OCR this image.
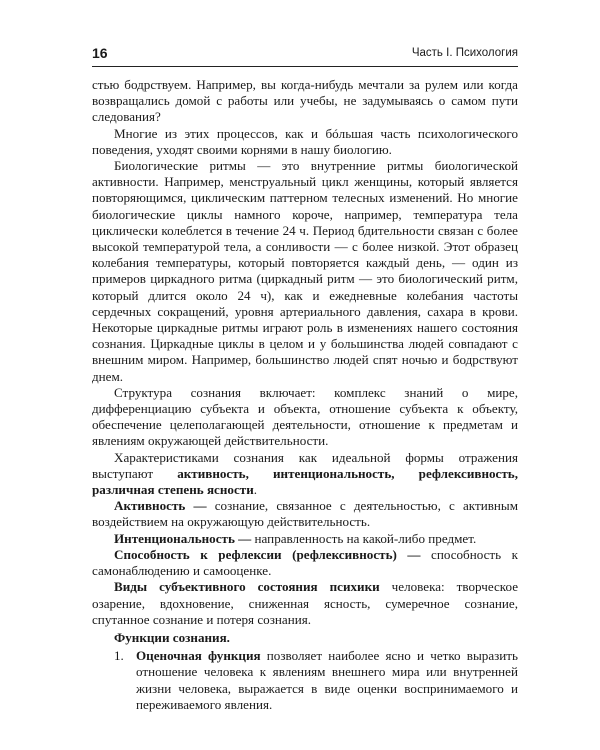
16	Часть I. Психология

стью бодрствуем. Например, вы когда-нибудь мечтали за рулем или когда возвращались домой с работы или учебы, не задумываясь о самом пути следования?

Многие из этих процессов, как и бóльшая часть психологического поведения, уходят своими корнями в нашу биологию.

Биологические ритмы — это внутренние ритмы биологической активности. Например, менструальный цикл женщины, который является повторяющимся, циклическим паттерном телесных изменений. Но многие биологические циклы намного короче, например, температура тела циклически колеблется в течение 24 ч. Период бдительности связан с более высокой температурой тела, а сонливости — с более низкой. Этот образец колебания температуры, который повторяется каждый день, — один из примеров циркадного ритма (циркадный ритм — это биологический ритм, который длится около 24 ч), как и ежедневные колебания частоты сердечных сокращений, уровня артериального давления, сахара в крови. Некоторые циркадные ритмы играют роль в изменениях нашего состояния сознания. Циркадные циклы в целом и у большинства людей совпадают с внешним миром. Например, большинство людей спят ночью и бодрствуют днем.

Структура сознания включает: комплекс знаний о мире, дифференциацию субъекта и объекта, отношение субъекта к объекту, обеспечение целеполагающей деятельности, отношение к предметам и явлениям окружающей действительности.

Характеристиками сознания как идеальной формы отражения выступают активность, интенциональность, рефлексивность, различная степень ясности.

Активность — сознание, связанное с деятельностью, с активным воздействием на окружающую действительность.

Интенциональность — направленность на какой-либо предмет.

Способность к рефлексии (рефлексивность) — способность к самонаблюдению и самооценке.

Виды субъективного состояния психики человека: творческое озарение, вдохновение, сниженная ясность, сумеречное сознание, спутанное сознание и потеря сознания.

Функции сознания.

1. Оценочная функция позволяет наиболее ясно и четко выразить отношение человека к явлениям внешнего мира или внутренней жизни человека, выражается в виде оценки воспринимаемого и переживаемого явления.
